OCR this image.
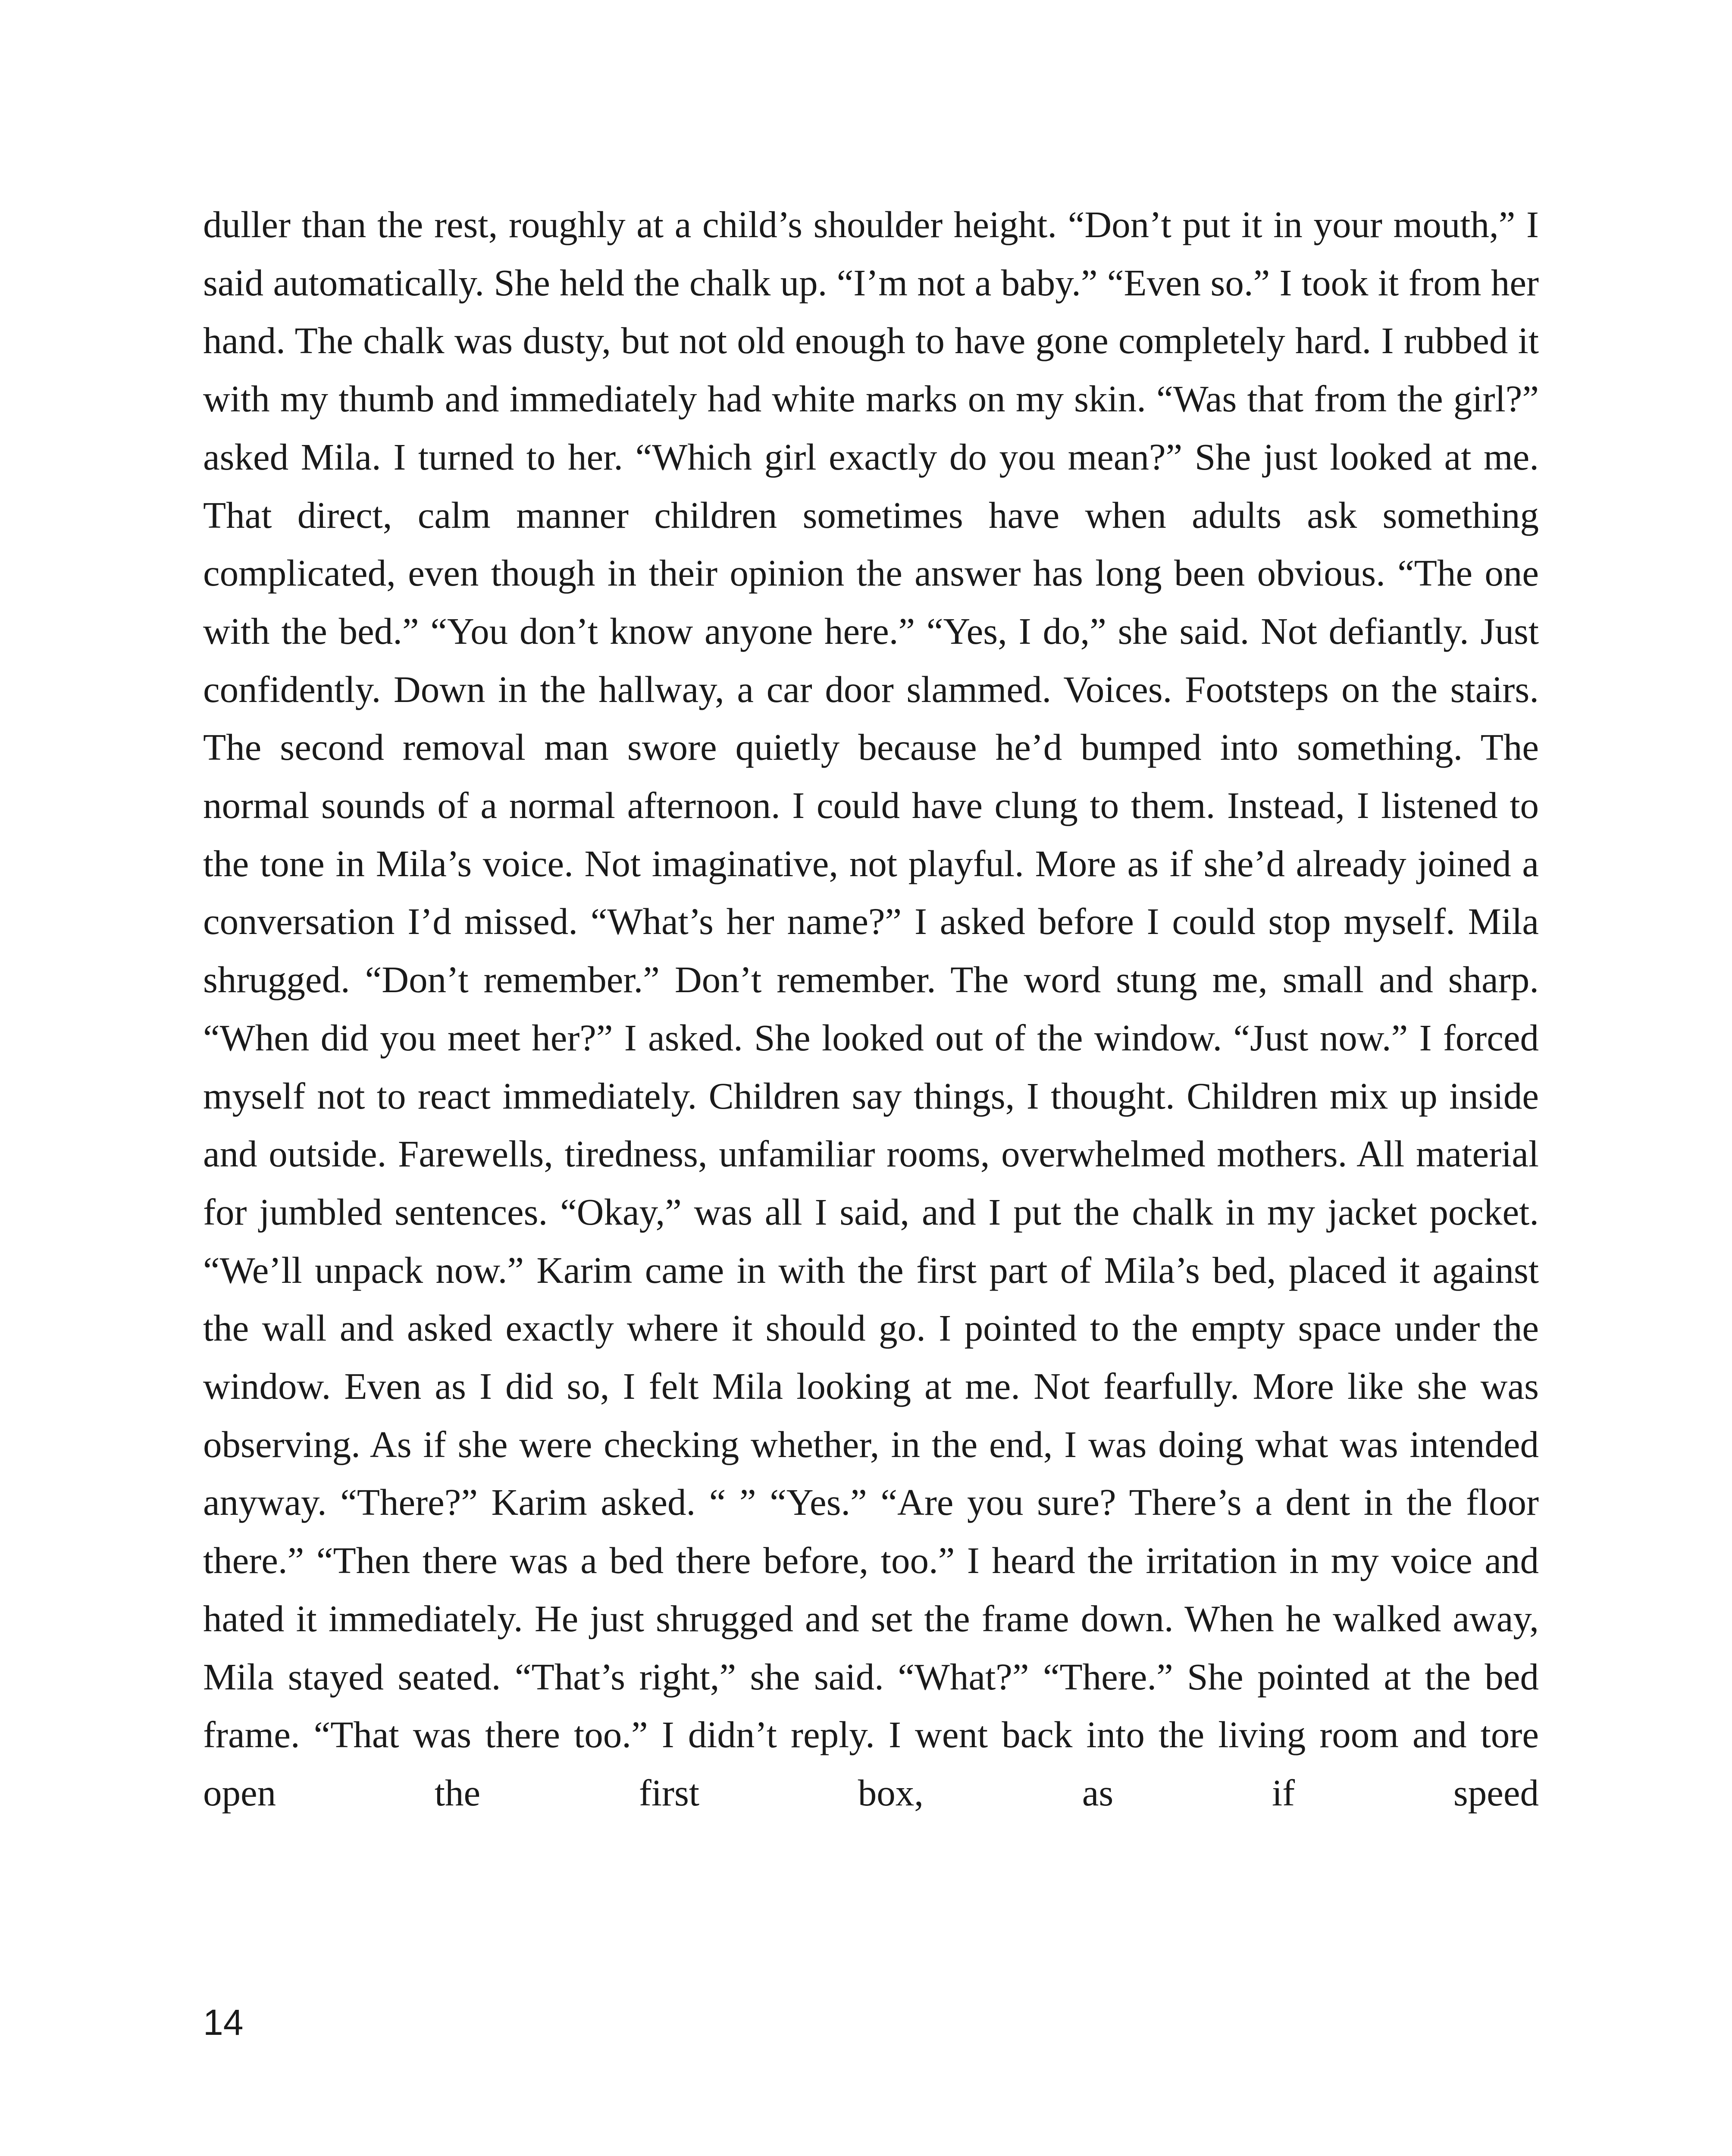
duller than the rest, roughly at a child’s shoulder height. “Don’t put it in your mouth,” I said automatically. She held the chalk up. “I’m not a baby.” “Even so.” I took it from her hand. The chalk was dusty, but not old enough to have gone completely hard. I rubbed it with my thumb and immediately had white marks on my skin. “Was that from the girl?” asked Mila. I turned to her. “Which girl exactly do you mean?” She just looked at me. That direct, calm manner children sometimes have when adults ask something complicated, even though in their opinion the answer has long been obvious. “The one with the bed.” “You don’t know anyone here.” “Yes, I do,” she said. Not defiantly. Just confidently. Down in the hallway, a car door slammed. Voices. Footsteps on the stairs. The second removal man swore quietly because he’d bumped into something. The normal sounds of a normal afternoon. I could have clung to them. Instead, I listened to the tone in Mila’s voice. Not imaginative, not playful. More as if she’d already joined a conversation I’d missed. “What’s her name?” I asked before I could stop myself. Mila shrugged. “Don’t remember.” Don’t remember. The word stung me, small and sharp. “When did you meet her?” I asked. She looked out of the window. “Just now.” I forced myself not to react immediately. Children say things, I thought. Children mix up inside and outside. Farewells, tiredness, unfamiliar rooms, overwhelmed mothers. All material for jumbled sentences. “Okay,” was all I said, and I put the chalk in my jacket pocket. “We’ll unpack now.” Karim came in with the first part of Mila’s bed, placed it against the wall and asked exactly where it should go. I pointed to the empty space under the window. Even as I did so, I felt Mila looking at me. Not fearfully. More like she was observing. As if she were checking whether, in the end, I was doing what was intended anyway. “There?” Karim asked. “ ” “Yes.” “Are you sure? There’s a dent in the floor there.” “Then there was a bed there before, too.” I heard the irritation in my voice and hated it immediately. He just shrugged and set the frame down. When he walked away, Mila stayed seated. “That’s right,” she said. “What?” “There.” She pointed at the bed frame. “That was there too.” I didn’t reply. I went back into the living room and tore open the first box, as if speed

14
